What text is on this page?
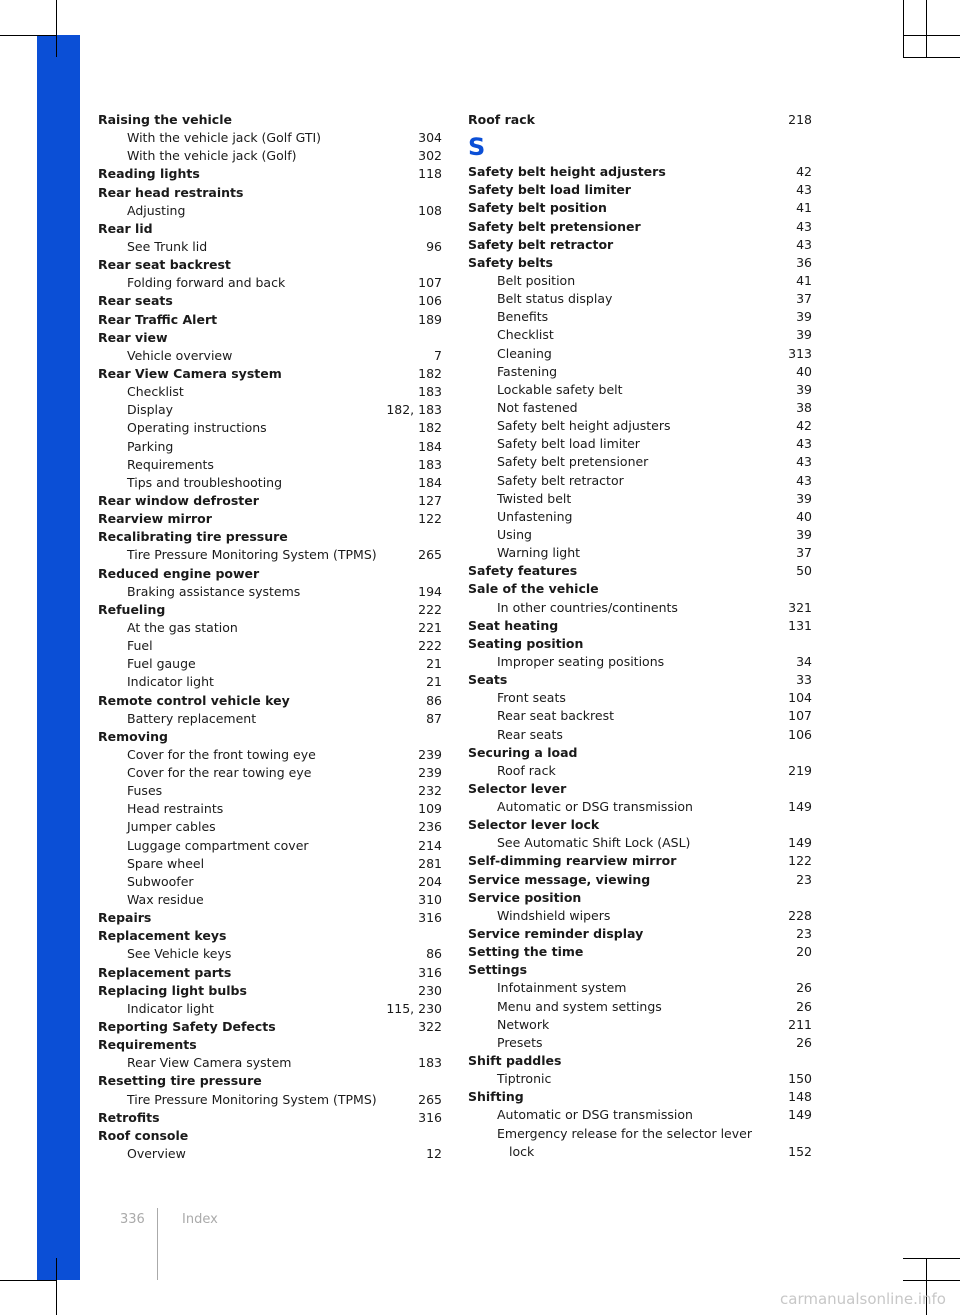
Raising the vehicle
With the vehicle jack (Golf GTI)	304
With the vehicle jack (Golf)	302
Reading lights	118
Rear head restraints
Adjusting	108
Rear lid
See Trunk lid	96
Rear seat backrest
Folding forward and back	107
Rear seats	106
Rear Traffic Alert	189
Rear view
Vehicle overview	7
Rear View Camera system	182
Checklist	183
Display	182, 183
Operating instructions	182
Parking	184
Requirements	183
Tips and troubleshooting	184
Rear window defroster	127
Rearview mirror	122
Recalibrating tire pressure
Tire Pressure Monitoring System (TPMS)	265
Reduced engine power
Braking assistance systems	194
Refueling	222
At the gas station	221
Fuel	222
Fuel gauge	21
Indicator light	21
Remote control vehicle key	86
Battery replacement	87
Removing
Cover for the front towing eye	239
Cover for the rear towing eye	239
Fuses	232
Head restraints	109
Jumper cables	236
Luggage compartment cover	214
Spare wheel	281
Subwoofer	204
Wax residue	310
Repairs	316
Replacement keys
See Vehicle keys	86
Replacement parts	316
Replacing light bulbs	230
Indicator light	115, 230
Reporting Safety Defects	322
Requirements
Rear View Camera system	183
Resetting tire pressure
Tire Pressure Monitoring System (TPMS)	265
Retrofits	316
Roof console
Overview	12
Roof rack	218
S
Safety belt height adjusters	42
Safety belt load limiter	43
Safety belt position	41
Safety belt pretensioner	43
Safety belt retractor	43
Safety belts	36
Belt position	41
Belt status display	37
Benefits	39
Checklist	39
Cleaning	313
Fastening	40
Lockable safety belt	39
Not fastened	38
Safety belt height adjusters	42
Safety belt load limiter	43
Safety belt pretensioner	43
Safety belt retractor	43
Twisted belt	39
Unfastening	40
Using	39
Warning light	37
Safety features	50
Sale of the vehicle
In other countries/continents	321
Seat heating	131
Seating position
Improper seating positions	34
Seats	33
Front seats	104
Rear seat backrest	107
Rear seats	106
Securing a load
Roof rack	219
Selector lever
Automatic or DSG transmission	149
Selector lever lock
See Automatic Shift Lock (ASL)	149
Self-dimming rearview mirror	122
Service message, viewing	23
Service position
Windshield wipers	228
Service reminder display	23
Setting the time	20
Settings
Infotainment system	26
Menu and system settings	26
Network	211
Presets	26
Shift paddles
Tiptronic	150
Shifting	148
Automatic or DSG transmission	149
Emergency release for the selector lever
lock	152
336	Index
carmanualsonline.info
